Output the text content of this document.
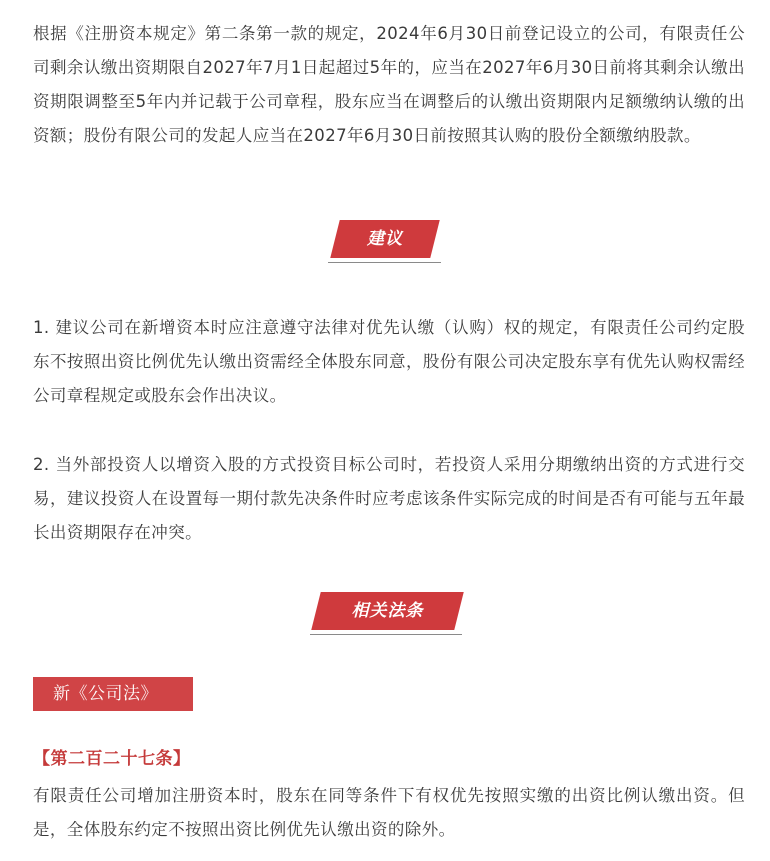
根据《注册资本规定》第二条第一款的规定，2024年6月30日前登记设立的公司，有限责任公司剩余认缴出资期限自2027年7月1日起超过5年的，应当在2027年6月30日前将其剩余认缴出资期限调整至5年内并记载于公司章程，股东应当在调整后的认缴出资期限内足额缴纳认缴的出资额；股份有限公司的发起人应当在2027年6月30日前按照其认购的股份全额缴纳股款。

建议

1. 建议公司在新增资本时应注意遵守法律对优先认缴（认购）权的规定，有限责任公司约定股东不按照出资比例优先认缴出资需经全体股东同意，股份有限公司决定股东享有优先认购权需经公司章程规定或股东会作出决议。

2. 当外部投资人以增资入股的方式投资目标公司时，若投资人采用分期缴纳出资的方式进行交易，建议投资人在设置每一期付款先决条件时应考虑该条件实际完成的时间是否有可能与五年最长出资期限存在冲突。

相关法条
新《公司法》
【第二百二十七条】

有限责任公司增加注册资本时，股东在同等条件下有权优先按照实缴的出资比例认缴出资。但是，全体股东约定不按照出资比例优先认缴出资的除外。
